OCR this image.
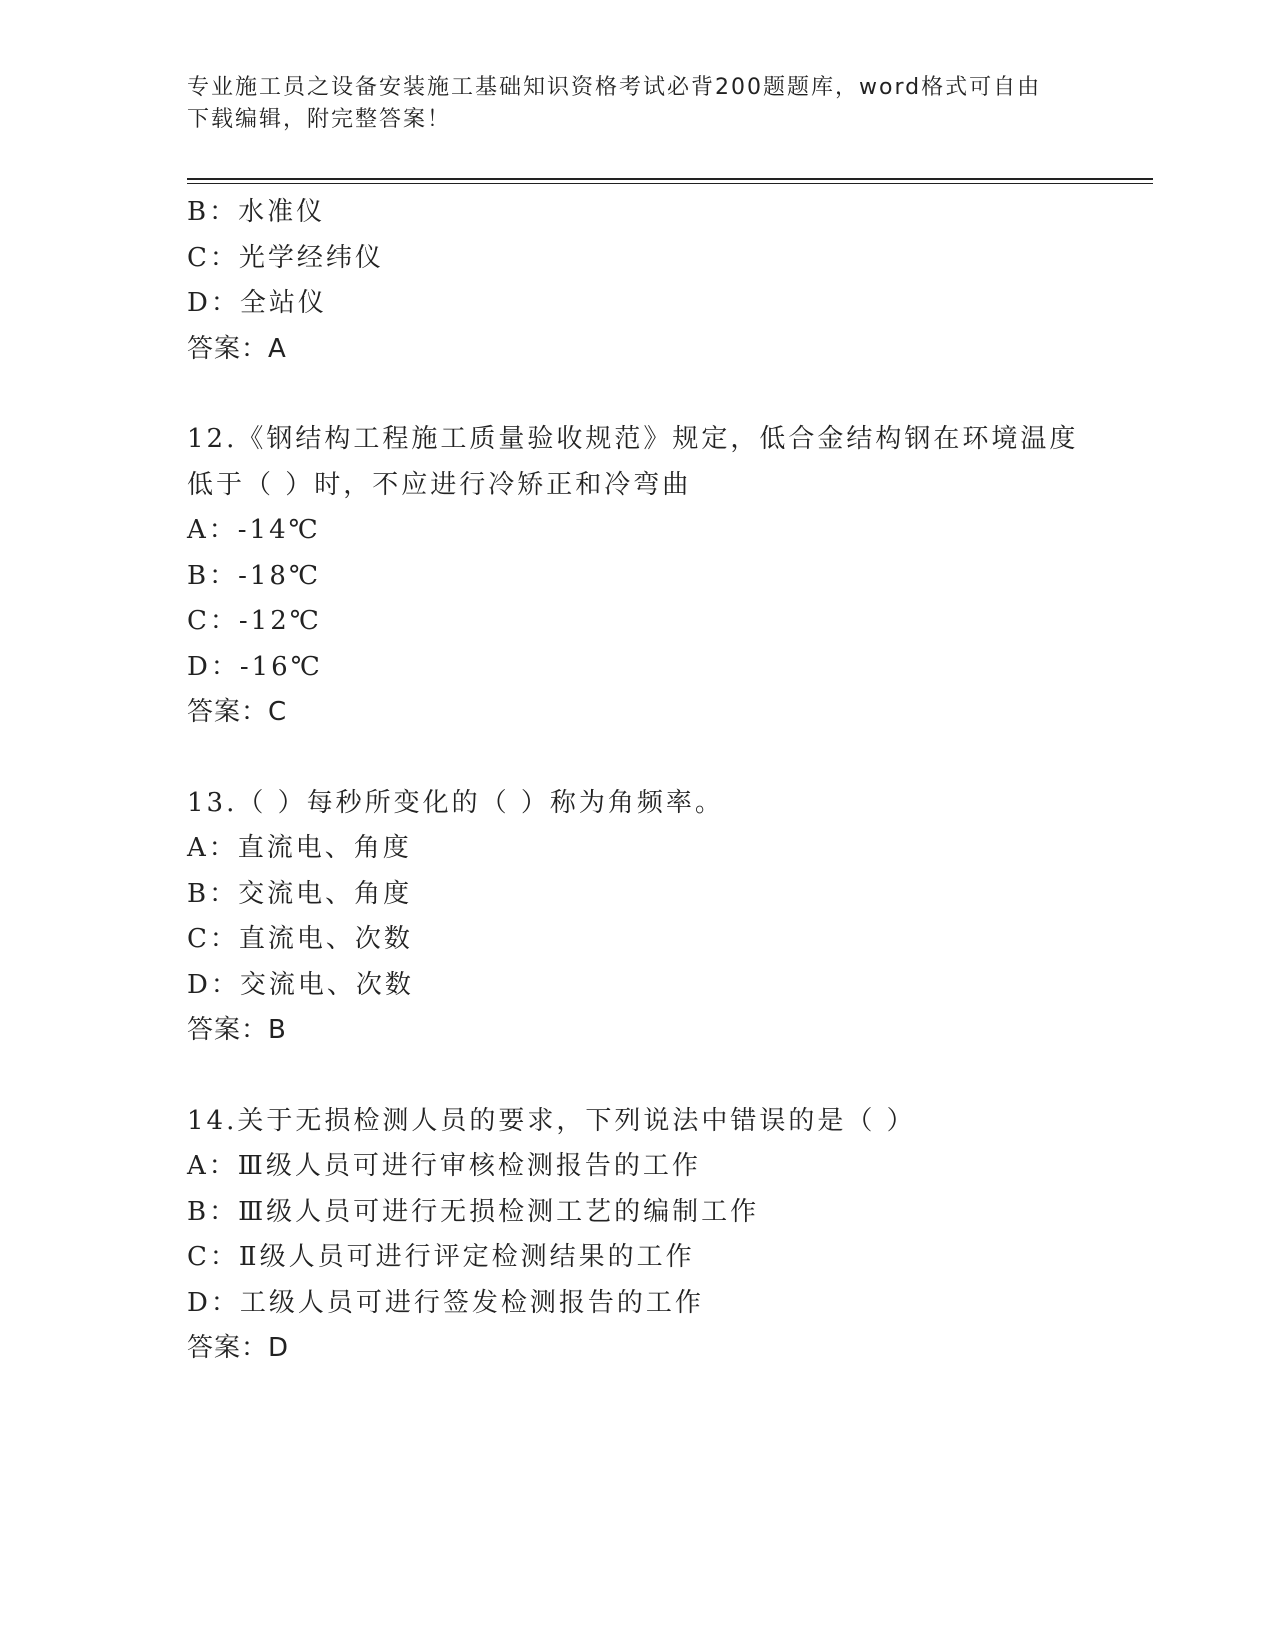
专业施工员之设备安装施工基础知识资格考试必背200题题库，word格式可自由
下载编辑，附完整答案！
B：水准仪
C：光学经纬仪
D：全站仪
答案：A
12.《钢结构工程施工质量验收规范》规定，低合金结构钢在环境温度
低于（ ）时，不应进行冷矫正和冷弯曲
A：-14℃
B：-18℃
C：-12℃
D：-16℃
答案：C
13.（ ）每秒所变化的（ ）称为角频率。
A：直流电、角度
B：交流电、角度
C：直流电、次数
D：交流电、次数
答案：B
14.关于无损检测人员的要求，下列说法中错误的是（ ）
A：Ⅲ级人员可进行审核检测报告的工作
B：Ⅲ级人员可进行无损检测工艺的编制工作
C：Ⅱ级人员可进行评定检测结果的工作
D：工级人员可进行签发检测报告的工作
答案：D
